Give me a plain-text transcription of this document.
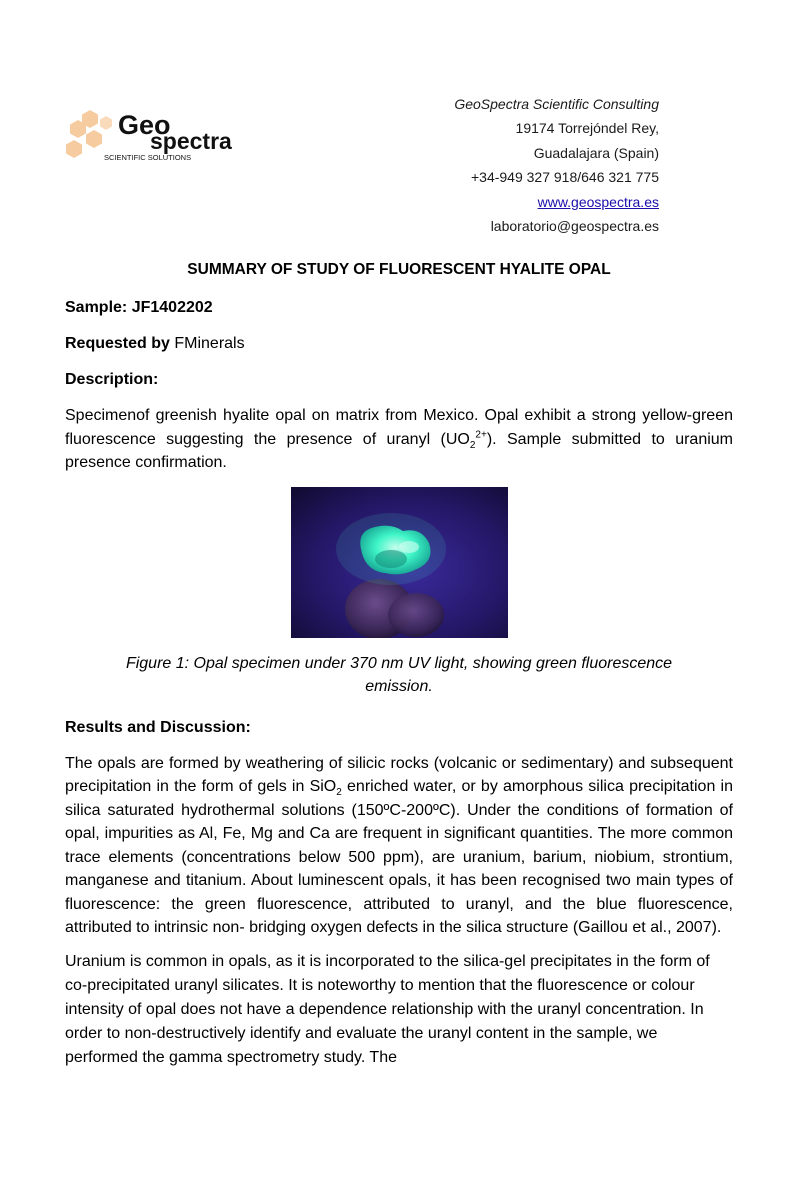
Geo
spectra
SCIENTIFIC SOLUTIONS
GeoSpectra Scientific Consulting
19174 Torrejóndel Rey,
Guadalajara (Spain)
+34-949 327 918/646 321 775
www.geospectra.es
laboratorio@geospectra.es

SUMMARY OF STUDY OF FLUORESCENT HYALITE OPAL

Sample: JF1402202

Requested by FMinerals

Description:

Specimenof greenish hyalite opal on matrix from Mexico. Opal exhibit a strong yellow-green fluorescence suggesting the presence of uranyl $(UO_2^{2+})$. Sample submitted to uranium presence confirmation.

Figure 1: Opal specimen under 370 nm UV light, showing green fluorescence emission.

Results and Discussion:

The opals are formed by weathering of silicic rocks (volcanic or sedimentary) and subsequent precipitation in the form of gels in SiO$_2$ enriched water, or by amorphous silica precipitation in silica saturated hydrothermal solutions (150ºC-200ºC). Under the conditions of formation of opal, impurities as Al, Fe, Mg and Ca are frequent in significant quantities. The more common trace elements (concentrations below 500 ppm), are uranium, barium, niobium, strontium, manganese and titanium. About luminescent opals, it has been recognised two main types of fluorescence: the green fluorescence, attributed to uranyl, and the blue fluorescence, attributed to intrinsic non- bridging oxygen defects in the silica structure (Gaillou et al., 2007).

Uranium is common in opals, as it is incorporated to the silica-gel precipitates in the form of co-precipitated uranyl silicates. It is noteworthy to mention that the fluorescence or colour intensity of opal does not have a dependence relationship with the uranyl concentration. In order to non-destructively identify and evaluate the uranyl content in the sample, we performed the gamma spectrometry study. The
